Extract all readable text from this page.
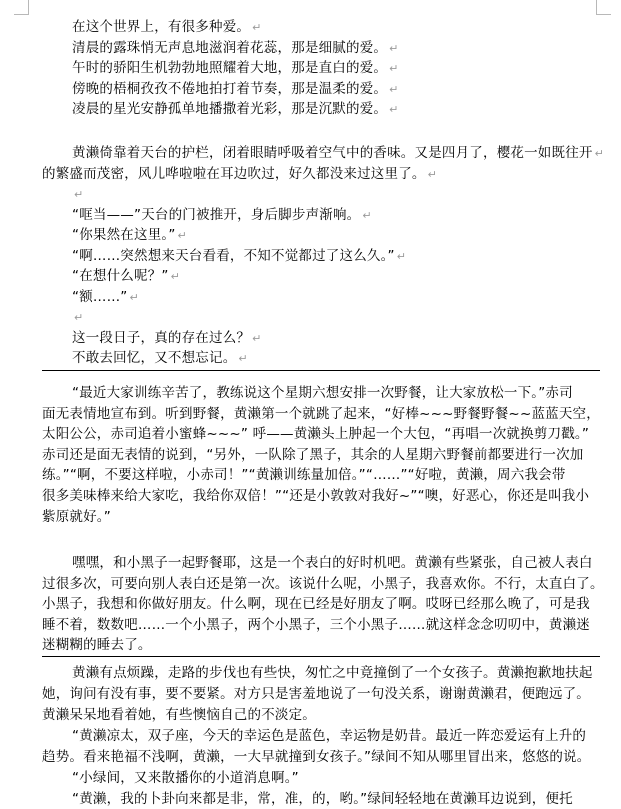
在这个世界上，有很多种爱。 ↵
清晨的露珠悄无声息地滋润着花蕊，那是细腻的爱。 ↵
午时的骄阳生机勃勃地照耀着大地，那是直白的爱。 ↵
傍晚的梧桐孜孜不倦地拍打着节奏，那是温柔的爱。 ↵
凌晨的星光安静孤单地播撒着光彩，那是沉默的爱。 ↵
黄濑倚靠着天台的护栏，闭着眼睛呼吸着空气中的香味。又是四月了，樱花一如既往开 ↵
的繁盛而茂密，风儿哗啦啦在耳边吹过，好久都没来过这里了。 ↵
↵
“哐当——”天台的门被推开，身后脚步声渐响。 ↵
“你果然在这里。” ↵
“啊……突然想来天台看看，不知不觉都过了这么久。” ↵
“在想什么呢？” ↵
“额……” ↵
↵
这一段日子，真的存在过么？ ↵
不敢去回忆，又不想忘记。 ↵
“最近大家训练辛苦了，教练说这个星期六想安排一次野餐，让大家放松一下。”赤司
面无表情地宣布到。听到野餐，黄濑第一个就跳了起来，“好棒~~~野餐野餐~~蓝蓝天空，
太阳公公，赤司追着小蜜蜂~~~” 呼——黄濑头上肿起一个大包，“再唱一次就换剪刀戳。”
赤司还是面无表情的说到，“另外，一队除了黑子，其余的人星期六野餐前都要进行一次加
练。”“啊，不要这样啦，小赤司！”“黄濑训练量加倍。”“……”“好啦，黄濑，周六我会带
很多美味棒来给大家吃，我给你双倍！”“还是小敦敦对我好~”“噢，好恶心，你还是叫我小
紫原就好。”
嘿嘿，和小黑子一起野餐耶，这是一个表白的好时机吧。黄濑有些紧张，自己被人表白
过很多次，可要向别人表白还是第一次。该说什么呢，小黑子，我喜欢你。不行，太直白了。
小黑子，我想和你做好朋友。什么啊，现在已经是好朋友了啊。哎呀已经那么晚了，可是我
睡不着，数数吧……一个小黑子，两个小黑子，三个小黑子……就这样念念叨叨中，黄濑迷
迷糊糊的睡去了。
黄濑有点烦躁，走路的步伐也有些快，匆忙之中竟撞倒了一个女孩子。黄濑抱歉地扶起
她，询问有没有事，要不要紧。对方只是害羞地说了一句没关系，谢谢黄濑君，便跑远了。
黄濑呆呆地看着她，有些懊恼自己的不淡定。
“黄濑凉太，双子座，今天的幸运色是蓝色，幸运物是奶昔。最近一阵恋爱运有上升的
趋势。看来艳福不浅啊，黄濑，一大早就撞到女孩子。”绿间不知从哪里冒出来，悠悠的说。
“小绿间，又来散播你的小道消息啊。”
“黄濑，我的卜卦向来都是非，常，准，的，哟。”绿间轻轻地在黄濑耳边说到，便托
